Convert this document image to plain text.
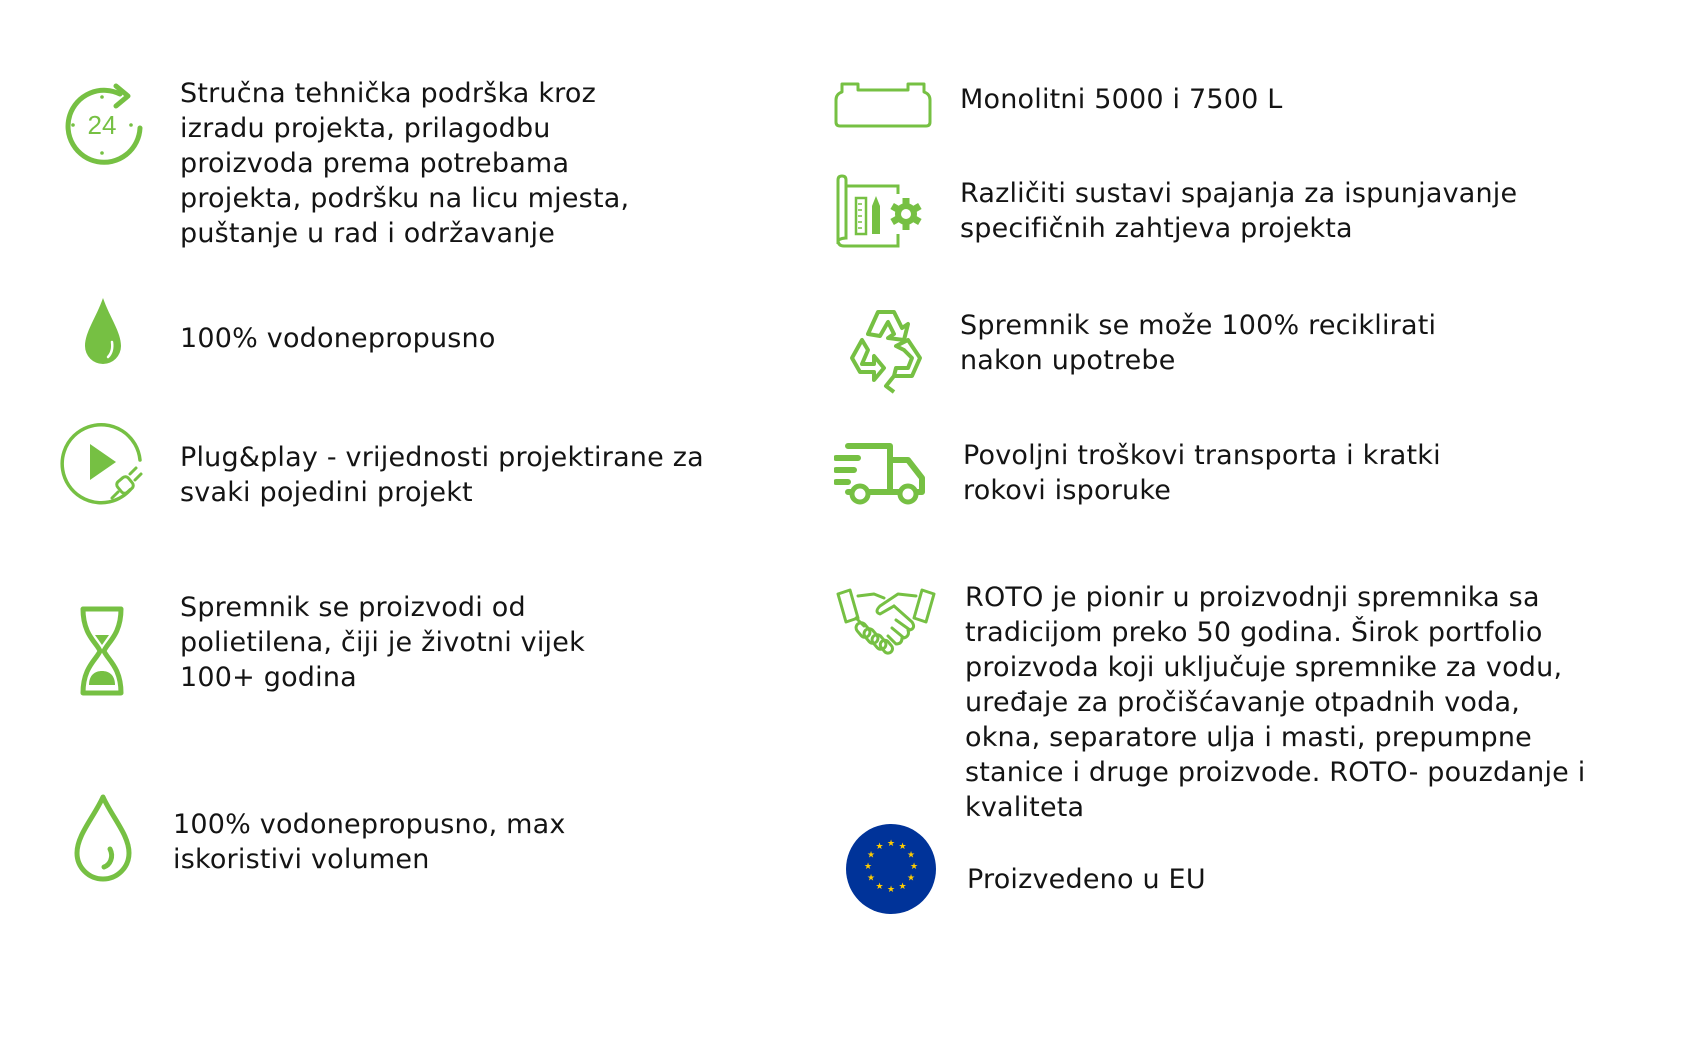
24
Stručna tehnička podrška kroz
izradu projekta, prilagodbu
proizvoda prema potrebama
projekta, podršku na licu mjesta,
puštanje u rad i održavanje
100% vodonepropusno
Plug&play - vrijednosti projektirane za
svaki pojedini projekt
Spremnik se proizvodi od
polietilena, čiji je životni vijek
100+ godina
100% vodonepropusno, max
iskoristivi volumen
Monolitni 5000 i 7500 L
Različiti sustavi spajanja za ispunjavanje
specifičnih zahtjeva projekta
Spremnik se može 100% reciklirati
nakon upotrebe
Povoljni troškovi transporta i kratki
rokovi isporuke
ROTO je pionir u proizvodnji spremnika sa
tradicijom preko 50 godina. Širok portfolio
proizvoda koji uključuje spremnike za vodu,
uređaje za pročišćavanje otpadnih voda,
okna, separatore ulja i masti, prepumpne
stanice i druge proizvode. ROTO- pouzdanje i
kvaliteta
★ ★
★
★
★
★
★
★
★
★
★
★
Proizvedeno u EU
